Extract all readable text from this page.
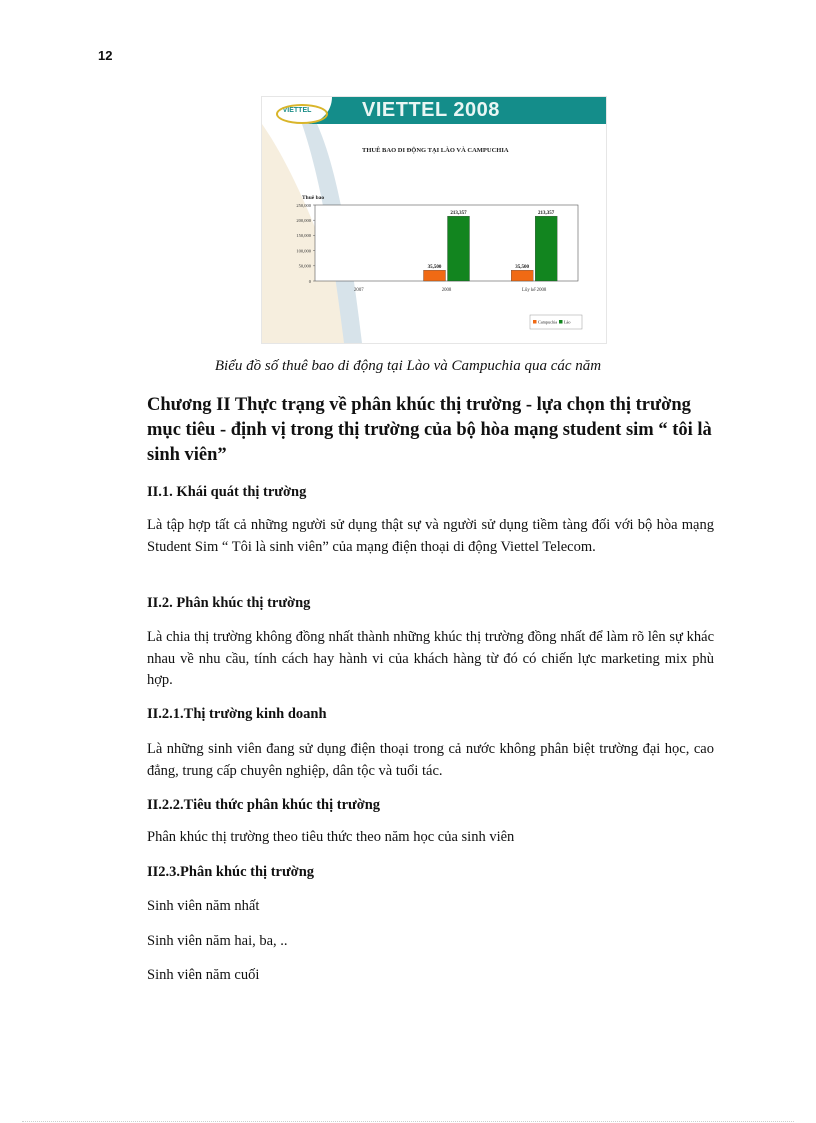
12
VIETTEL	VIETTEL 2008
THUÊ BAO DI ĐỘNG TẠI LÀO VÀ CAMPUCHIA
Thuê bao
0
50,000
100,000
150,000
200,000
250,000
35,500
213,357
35,500
213,357
2007	2008	Lũy kế 2008
Campuchia Lào
Biểu đồ số thuê bao di động tại Lào và Campuchia qua các năm
Chương II Thực trạng về phân khúc thị trường - lựa chọn thị trường mục tiêu - định vị trong thị trường của bộ hòa mạng student sim “ tôi là sinh viên”
II.1. Khái quát thị trường
Là tập hợp tất cả những người sử dụng thật sự và người sử dụng tiềm tàng đối với bộ hòa mạng Student Sim “ Tôi là sinh viên” của mạng điện thoại di động Viettel Telecom.
II.2. Phân khúc thị trường
Là chia thị trường không đồng nhất thành những khúc thị trường đồng nhất để làm rõ lên sự khác nhau về nhu cầu, tính cách hay hành vi của khách hàng từ đó có chiến lực marketing mix phù hợp.
II.2.1.Thị trường kinh doanh
Là những sinh viên đang sử dụng điện thoại trong cả nước không phân biệt trường đại học, cao đẳng, trung cấp chuyên nghiệp, dân tộc và tuổi tác.
II.2.2.Tiêu thức phân khúc thị trường
Phân khúc thị trường theo tiêu thức theo năm học của sinh viên
II2.3.Phân khúc thị trường
Sinh viên năm nhất
Sinh viên năm hai, ba, ..
Sinh viên năm cuối
